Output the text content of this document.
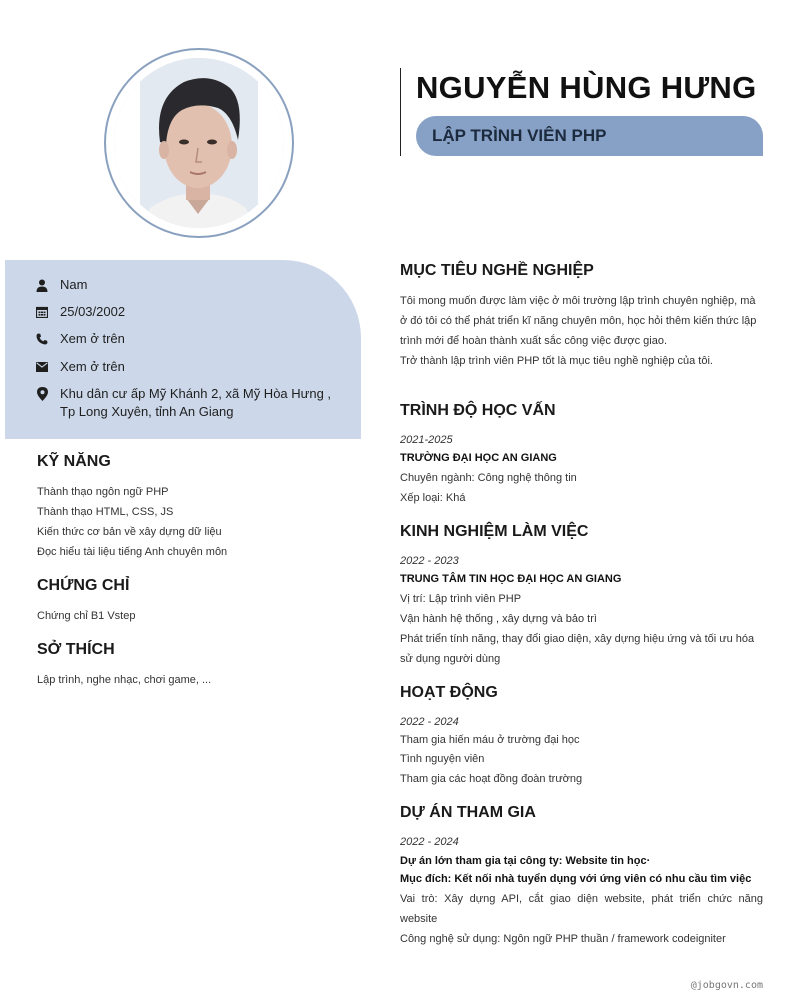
NGUYỄN HÙNG HƯNG
LẬP TRÌNH VIÊN PHP
Nam
25/03/2002
Xem ở trên
Xem ở trên
Khu dân cư ấp Mỹ Khánh 2, xã Mỹ Hòa Hưng ,
Tp Long Xuyên, tỉnh An Giang
KỸ NĂNG
Thành thạo ngôn ngữ PHP
Thành thạo HTML, CSS, JS
Kiến thức cơ bản về xây dựng dữ liệu
Đọc hiểu tài liệu tiếng Anh chuyên môn
CHỨNG CHỈ
Chứng chỉ B1 Vstep
SỞ THÍCH
Lập trình, nghe nhạc, chơi game, ...
MỤC TIÊU NGHỀ NGHIỆP
Tôi mong muốn được làm việc ở môi trường lập trình chuyên nghiệp, mà
ở đó tôi có thể phát triển kĩ năng chuyên môn, học hỏi thêm kiến thức lập
trình mới để hoàn thành xuất sắc công việc được giao.
Trở thành lập trình viên PHP tốt là mục tiêu nghề nghiệp của tôi.
TRÌNH ĐỘ HỌC VẤN
2021-2025
TRƯỜNG ĐẠI HỌC AN GIANG
Chuyên ngành: Công nghệ thông tin
Xếp loại: Khá
KINH NGHIỆM LÀM VIỆC
2022 - 2023
TRUNG TÂM TIN HỌC ĐẠI HỌC AN GIANG
Vị trí: Lập trình viên PHP
Vận hành hệ thống , xây dựng và bảo trì
Phát triển tính năng, thay đổi giao diện, xây dựng hiệu ứng và tối ưu hóa
sử dụng người dùng
HOẠT ĐỘNG
2022 - 2024
Tham gia hiến máu ở trường đại học
Tình nguyện viên
Tham gia các hoạt đồng đoàn trường
DỰ ÁN THAM GIA
2022 - 2024
Dự án lớn tham gia tại công ty: Website tin học·
Mục đích: Kết nối nhà tuyển dụng với ứng viên có nhu cầu tìm việc
Vai trò: Xây dựng API, cắt giao diện website, phát triển chức năng
website
Công nghệ sử dụng: Ngôn ngữ PHP thuần / framework codeigniter
@jobgovn.com
